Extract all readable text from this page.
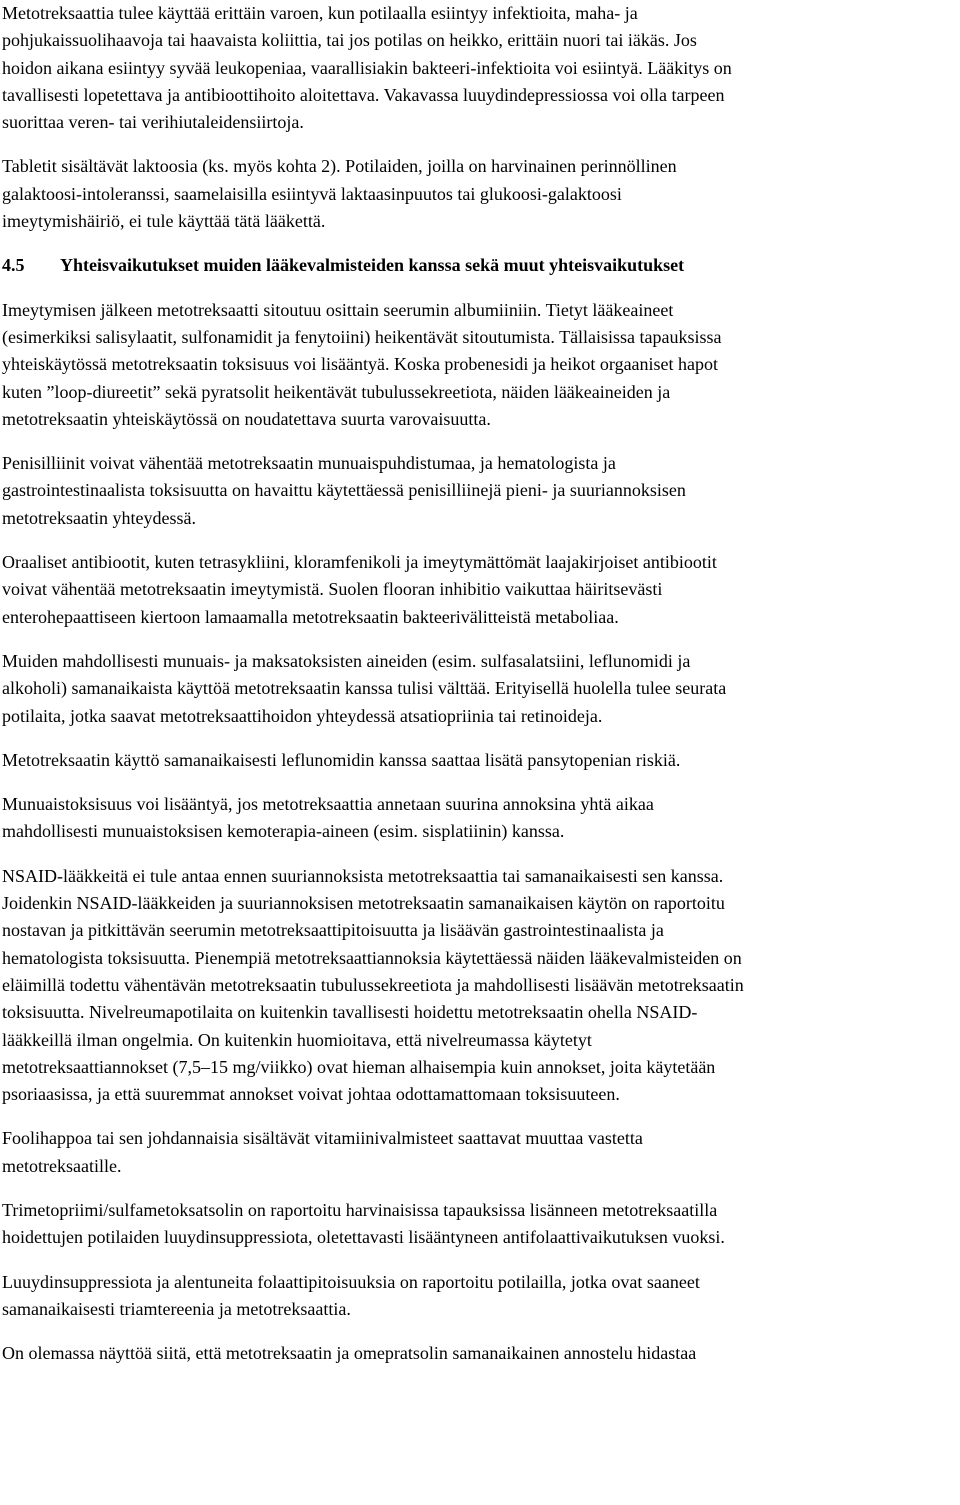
Metotreksaattia tulee käyttää erittäin varoen, kun potilaalla esiintyy infektioita, maha- ja
pohjukaissuolihaavoja tai haavaista koliittia, tai jos potilas on heikko, erittäin nuori tai iäkäs. Jos
hoidon aikana esiintyy syvää leukopeniaa, vaarallisiakin bakteeri-infektioita voi esiintyä. Lääkitys on
tavallisesti lopetettava ja antibioottihoito aloitettava. Vakavassa luuydindepressiossa voi olla tarpeen
suorittaa veren- tai verihiutaleidensiirtoja.

Tabletit sisältävät laktoosia (ks. myös kohta 2). Potilaiden, joilla on harvinainen perinnöllinen
galaktoosi-intoleranssi, saamelaisilla esiintyvä laktaasinpuutos tai glukoosi-galaktoosi
imeytymishäiriö, ei tule käyttää tätä lääkettä.

4.5	Yhteisvaikutukset muiden lääkevalmisteiden kanssa sekä muut yhteisvaikutukset

Imeytymisen jälkeen metotreksaatti sitoutuu osittain seerumin albumiiniin. Tietyt lääkeaineet
(esimerkiksi salisylaatit, sulfonamidit ja fenytoiini) heikentävät sitoutumista. Tällaisissa tapauksissa
yhteiskäytössä metotreksaatin toksisuus voi lisääntyä. Koska probenesidi ja heikot orgaaniset hapot
kuten ”loop-diureetit” sekä pyratsolit heikentävät tubulussekreetiota, näiden lääkeaineiden ja
metotreksaatin yhteiskäytössä on noudatettava suurta varovaisuutta.

Penisilliinit voivat vähentää metotreksaatin munuaispuhdistumaa, ja hematologista ja
gastrointestinaalista toksisuutta on havaittu käytettäessä penisilliinejä pieni- ja suuriannoksisen
metotreksaatin yhteydessä.

Oraaliset antibiootit, kuten tetrasykliini, kloramfenikoli ja imeytymättömät laajakirjoiset antibiootit
voivat vähentää metotreksaatin imeytymistä. Suolen flooran inhibitio vaikuttaa häiritsevästi
enterohepaattiseen kiertoon lamaamalla metotreksaatin bakteerivälitteistä metaboliaa.

Muiden mahdollisesti munuais- ja maksatoksisten aineiden (esim. sulfasalatsiini, leflunomidi ja
alkoholi) samanaikaista käyttöä metotreksaatin kanssa tulisi välttää. Erityisellä huolella tulee seurata
potilaita, jotka saavat metotreksaattihoidon yhteydessä atsatiopriinia tai retinoideja.

Metotreksaatin käyttö samanaikaisesti leflunomidin kanssa saattaa lisätä pansytopenian riskiä.

Munuaistoksisuus voi lisääntyä, jos metotreksaattia annetaan suurina annoksina yhtä aikaa
mahdollisesti munuaistoksisen kemoterapia-aineen (esim. sisplatiinin) kanssa.

NSAID-lääkkeitä ei tule antaa ennen suuriannoksista metotreksaattia tai samanaikaisesti sen kanssa.
Joidenkin NSAID-lääkkeiden ja suuriannoksisen metotreksaatin samanaikaisen käytön on raportoitu
nostavan ja pitkittävän seerumin metotreksaattipitoisuutta ja lisäävän gastrointestinaalista ja
hematologista toksisuutta. Pienempiä metotreksaattiannoksia käytettäessä näiden lääkevalmisteiden on
eläimillä todettu vähentävän metotreksaatin tubulussekreetiota ja mahdollisesti lisäävän metotreksaatin
toksisuutta. Nivelreumapotilaita on kuitenkin tavallisesti hoidettu metotreksaatin ohella NSAID-
lääkkeillä ilman ongelmia. On kuitenkin huomioitava, että nivelreumassa käytetyt
metotreksaattiannokset (7,5–15 mg/viikko) ovat hieman alhaisempia kuin annokset, joita käytetään
psoriaasissa, ja että suuremmat annokset voivat johtaa odottamattomaan toksisuuteen.

Foolihappoa tai sen johdannaisia sisältävät vitamiinivalmisteet saattavat muuttaa vastetta
metotreksaatille.

Trimetopriimi/sulfametoksatsolin on raportoitu harvinaisissa tapauksissa lisänneen metotreksaatilla
hoidettujen potilaiden luuydinsuppressiota, oletettavasti lisääntyneen antifolaattivaikutuksen vuoksi.

Luuydinsuppressiota ja alentuneita folaattipitoisuuksia on raportoitu potilailla, jotka ovat saaneet
samanaikaisesti triamtereenia ja metotreksaattia.

On olemassa näyttöä siitä, että metotreksaatin ja omepratsolin samanaikainen annostelu hidastaa
